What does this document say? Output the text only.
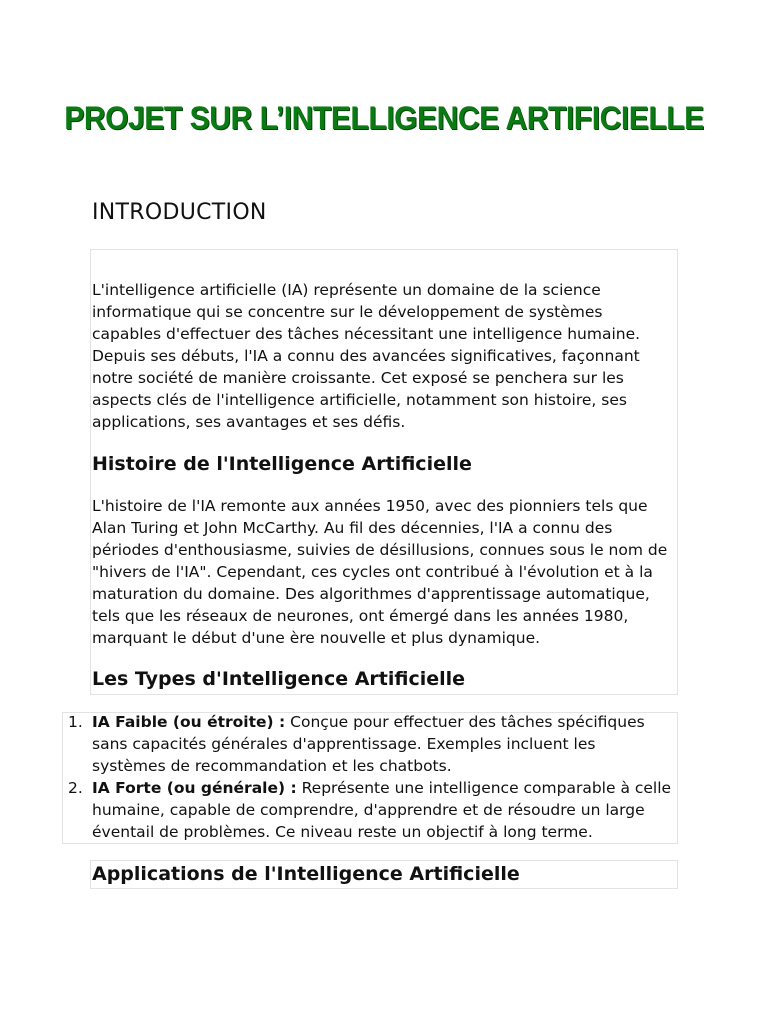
PROJET SUR L’INTELLIGENCE ARTIFICIELLE
INTRODUCTION

L'intelligence artificielle (IA) représente un domaine de la science informatique qui se concentre sur le développement de systèmes capables d'effectuer des tâches nécessitant une intelligence humaine. Depuis ses débuts, l'IA a connu des avancées significatives, façonnant notre société de manière croissante. Cet exposé se penchera sur les aspects clés de l'intelligence artificielle, notamment son histoire, ses applications, ses avantages et ses défis.

Histoire de l'Intelligence Artificielle

L'histoire de l'IA remonte aux années 1950, avec des pionniers tels que Alan Turing et John McCarthy. Au fil des décennies, l'IA a connu des périodes d'enthousiasme, suivies de désillusions, connues sous le nom de "hivers de l'IA". Cependant, ces cycles ont contribué à l'évolution et à la maturation du domaine. Des algorithmes d'apprentissage automatique, tels que les réseaux de neurones, ont émergé dans les années 1980, marquant le début d'une ère nouvelle et plus dynamique.

Les Types d'Intelligence Artificielle
1. IA Faible (ou étroite) : Conçue pour effectuer des tâches spécifiques sans capacités générales d'apprentissage. Exemples incluent les systèmes de recommandation et les chatbots.
2. IA Forte (ou générale) : Représente une intelligence comparable à celle humaine, capable de comprendre, d'apprendre et de résoudre un large éventail de problèmes. Ce niveau reste un objectif à long terme.
Applications de l'Intelligence Artificielle
